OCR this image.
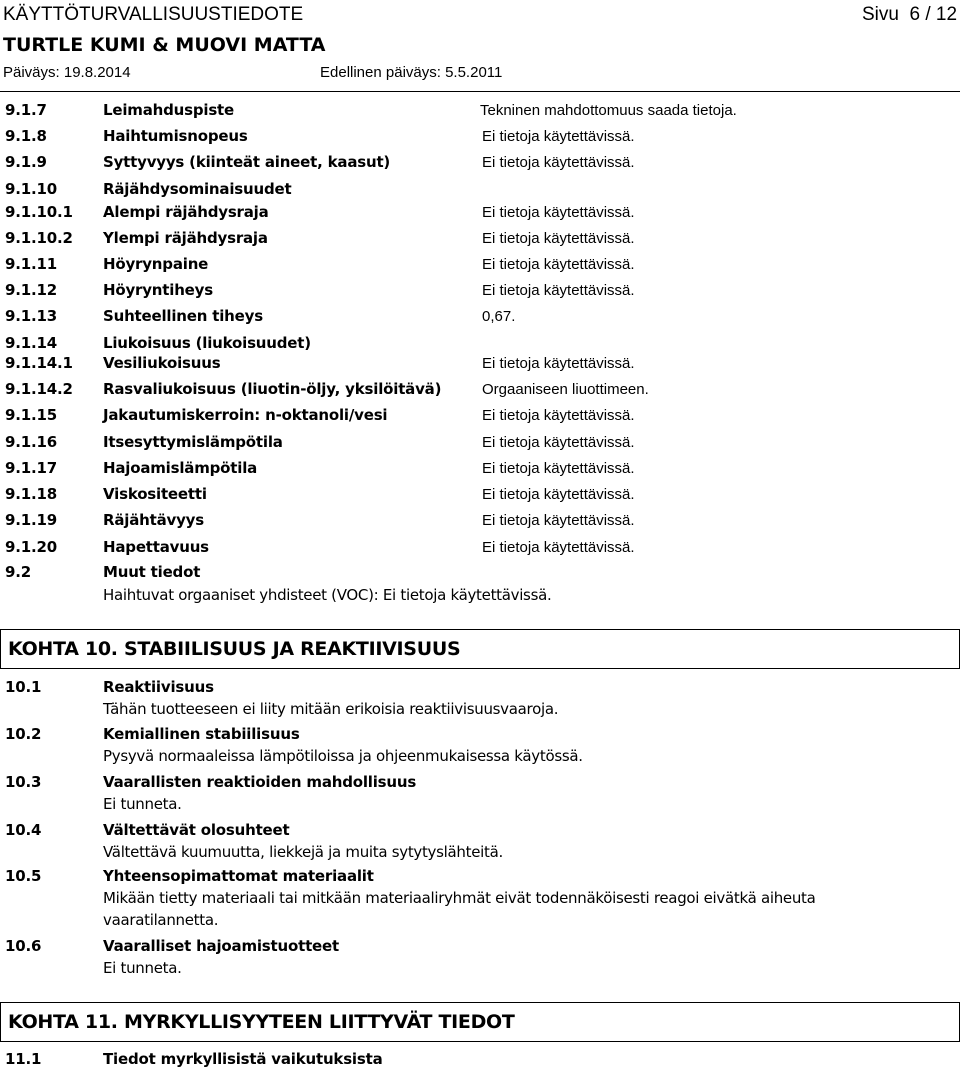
KÄYTTÖTURVALLISUUSTIEDOTE
TURTLE KUMI & MUOVI MATTA
Päiväys: 19.8.2014	Edellinen päiväys: 5.5.2011
Sivu  6 / 12
9.1.7	Leimahduspiste	Tekninen mahdottomuus saada tietoja.
9.1.8	Haihtumisnopeus	Ei tietoja käytettävissä.
9.1.9	Syttyvyys (kiinteät aineet, kaasut)	Ei tietoja käytettävissä.
9.1.10	Räjähdysominaisuudet
9.1.10.1 Alempi räjähdysraja	Ei tietoja käytettävissä.
9.1.10.2 Ylempi räjähdysraja	Ei tietoja käytettävissä.
9.1.11	Höyrynpaine	Ei tietoja käytettävissä.
9.1.12	Höyryntiheys	Ei tietoja käytettävissä.
9.1.13	Suhteellinen tiheys	0,67.
9.1.14	Liukoisuus (liukoisuudet)
9.1.14.1 Vesiliukoisuus	Ei tietoja käytettävissä.
9.1.14.2 Rasvaliukoisuus (liuotin-öljy, yksilöitävä)	Orgaaniseen liuottimeen.
9.1.15	Jakautumiskerroin: n-oktanoli/vesi	Ei tietoja käytettävissä.
9.1.16	Itsesyttymislämpötila	Ei tietoja käytettävissä.
9.1.17	Hajoamislämpötila	Ei tietoja käytettävissä.
9.1.18	Viskositeetti	Ei tietoja käytettävissä.
9.1.19	Räjähtävyys	Ei tietoja käytettävissä.
9.1.20	Hapettavuus	Ei tietoja käytettävissä.
9.2	Muut tiedot
Haihtuvat orgaaniset yhdisteet (VOC): Ei tietoja käytettävissä.
KOHTA 10. STABIILISUUS JA REAKTIIVISUUS
10.1	Reaktiivisuus
Tähän tuotteeseen ei liity mitään erikoisia reaktiivisuusvaaroja.
10.2	Kemiallinen stabiilisuus
Pysyvä normaaleissa lämpötiloissa ja ohjeenmukaisessa käytössä.
10.3	Vaarallisten reaktioiden mahdollisuus
Ei tunneta.
10.4	Vältettävät olosuhteet
Vältettävä kuumuutta, liekkejä ja muita sytytyslähteitä.
10.5	Yhteensopimattomat materiaalit
Mikään tietty materiaali tai mitkään materiaaliryhmät eivät todennäköisesti reagoi eivätkä aiheuta
vaaratilannetta.
10.6	Vaaralliset hajoamistuotteet
Ei tunneta.
KOHTA 11. MYRKYLLISYYTEEN LIITTYVÄT TIEDOT
11.1	Tiedot myrkyllisistä vaikutuksista
